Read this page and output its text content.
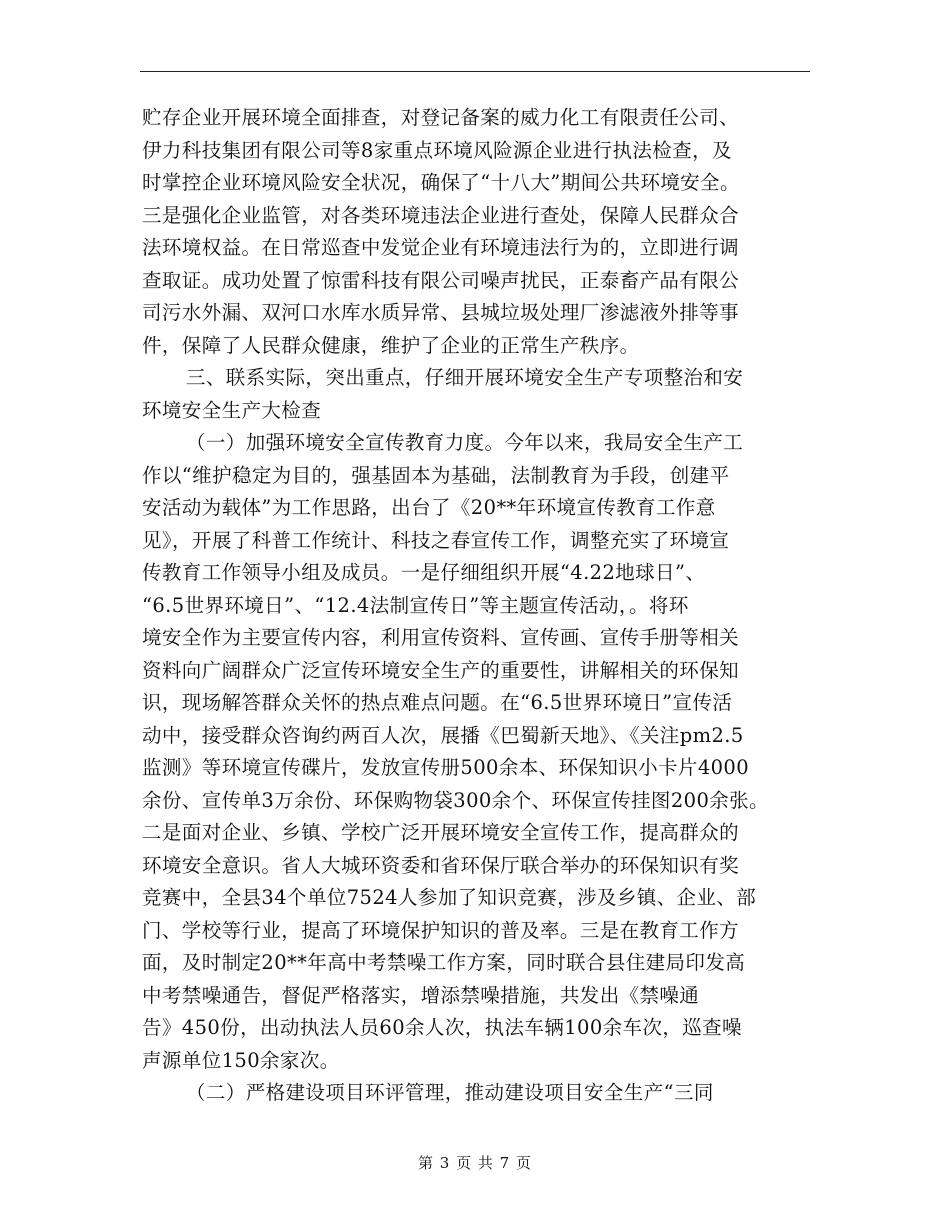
贮存企业开展环境全面排查，对登记备案的威力化工有限责任公司、
伊力科技集团有限公司等8家重点环境风险源企业进行执法检查，及
时掌控企业环境风险安全状况，确保了“十八大”期间公共环境安全。
三是强化企业监管，对各类环境违法企业进行查处，保障人民群众合
法环境权益。在日常巡查中发觉企业有环境违法行为的，立即进行调
查取证。成功处置了惊雷科技有限公司噪声扰民，正泰畜产品有限公
司污水外漏、双河口水库水质异常、县城垃圾处理厂渗滤液外排等事
件，保障了人民群众健康，维护了企业的正常生产秩序。
三、联系实际，突出重点，仔细开展环境安全生产专项整治和安
环境安全生产大检查
（一）加强环境安全宣传教育力度。今年以来，我局安全生产工
作以“维护稳定为目的，强基固本为基础，法制教育为手段，创建平
安活动为载体”为工作思路，出台了《20**年环境宣传教育工作意
见》，开展了科普工作统计、科技之春宣传工作，调整充实了环境宣
传教育工作领导小组及成员。一是仔细组织开展“4.22地球日”、
“6.5世界环境日”、“12.4法制宣传日”等主题宣传活动，。将环
境安全作为主要宣传内容，利用宣传资料、宣传画、宣传手册等相关
资料向广阔群众广泛宣传环境安全生产的重要性，讲解相关的环保知
识，现场解答群众关怀的热点难点问题。在“6.5世界环境日”宣传活
动中，接受群众咨询约两百人次，展播《巴蜀新天地》、《关注pm2.5
监测》等环境宣传碟片，发放宣传册500余本、环保知识小卡片4000
余份、宣传单3万余份、环保购物袋300余个、环保宣传挂图200余张。
二是面对企业、乡镇、学校广泛开展环境安全宣传工作，提高群众的
环境安全意识。省人大城环资委和省环保厅联合举办的环保知识有奖
竞赛中，全县34个单位7524人参加了知识竞赛，涉及乡镇、企业、部
门、学校等行业，提高了环境保护知识的普及率。三是在教育工作方
面，及时制定20**年高中考禁噪工作方案，同时联合县住建局印发高
中考禁噪通告，督促严格落实，增添禁噪措施，共发出《禁噪通
告》450份，出动执法人员60余人次，执法车辆100余车次，巡查噪
声源单位150余家次。
（二）严格建设项目环评管理，推动建设项目安全生产“三同
第 3 页 共 7 页
